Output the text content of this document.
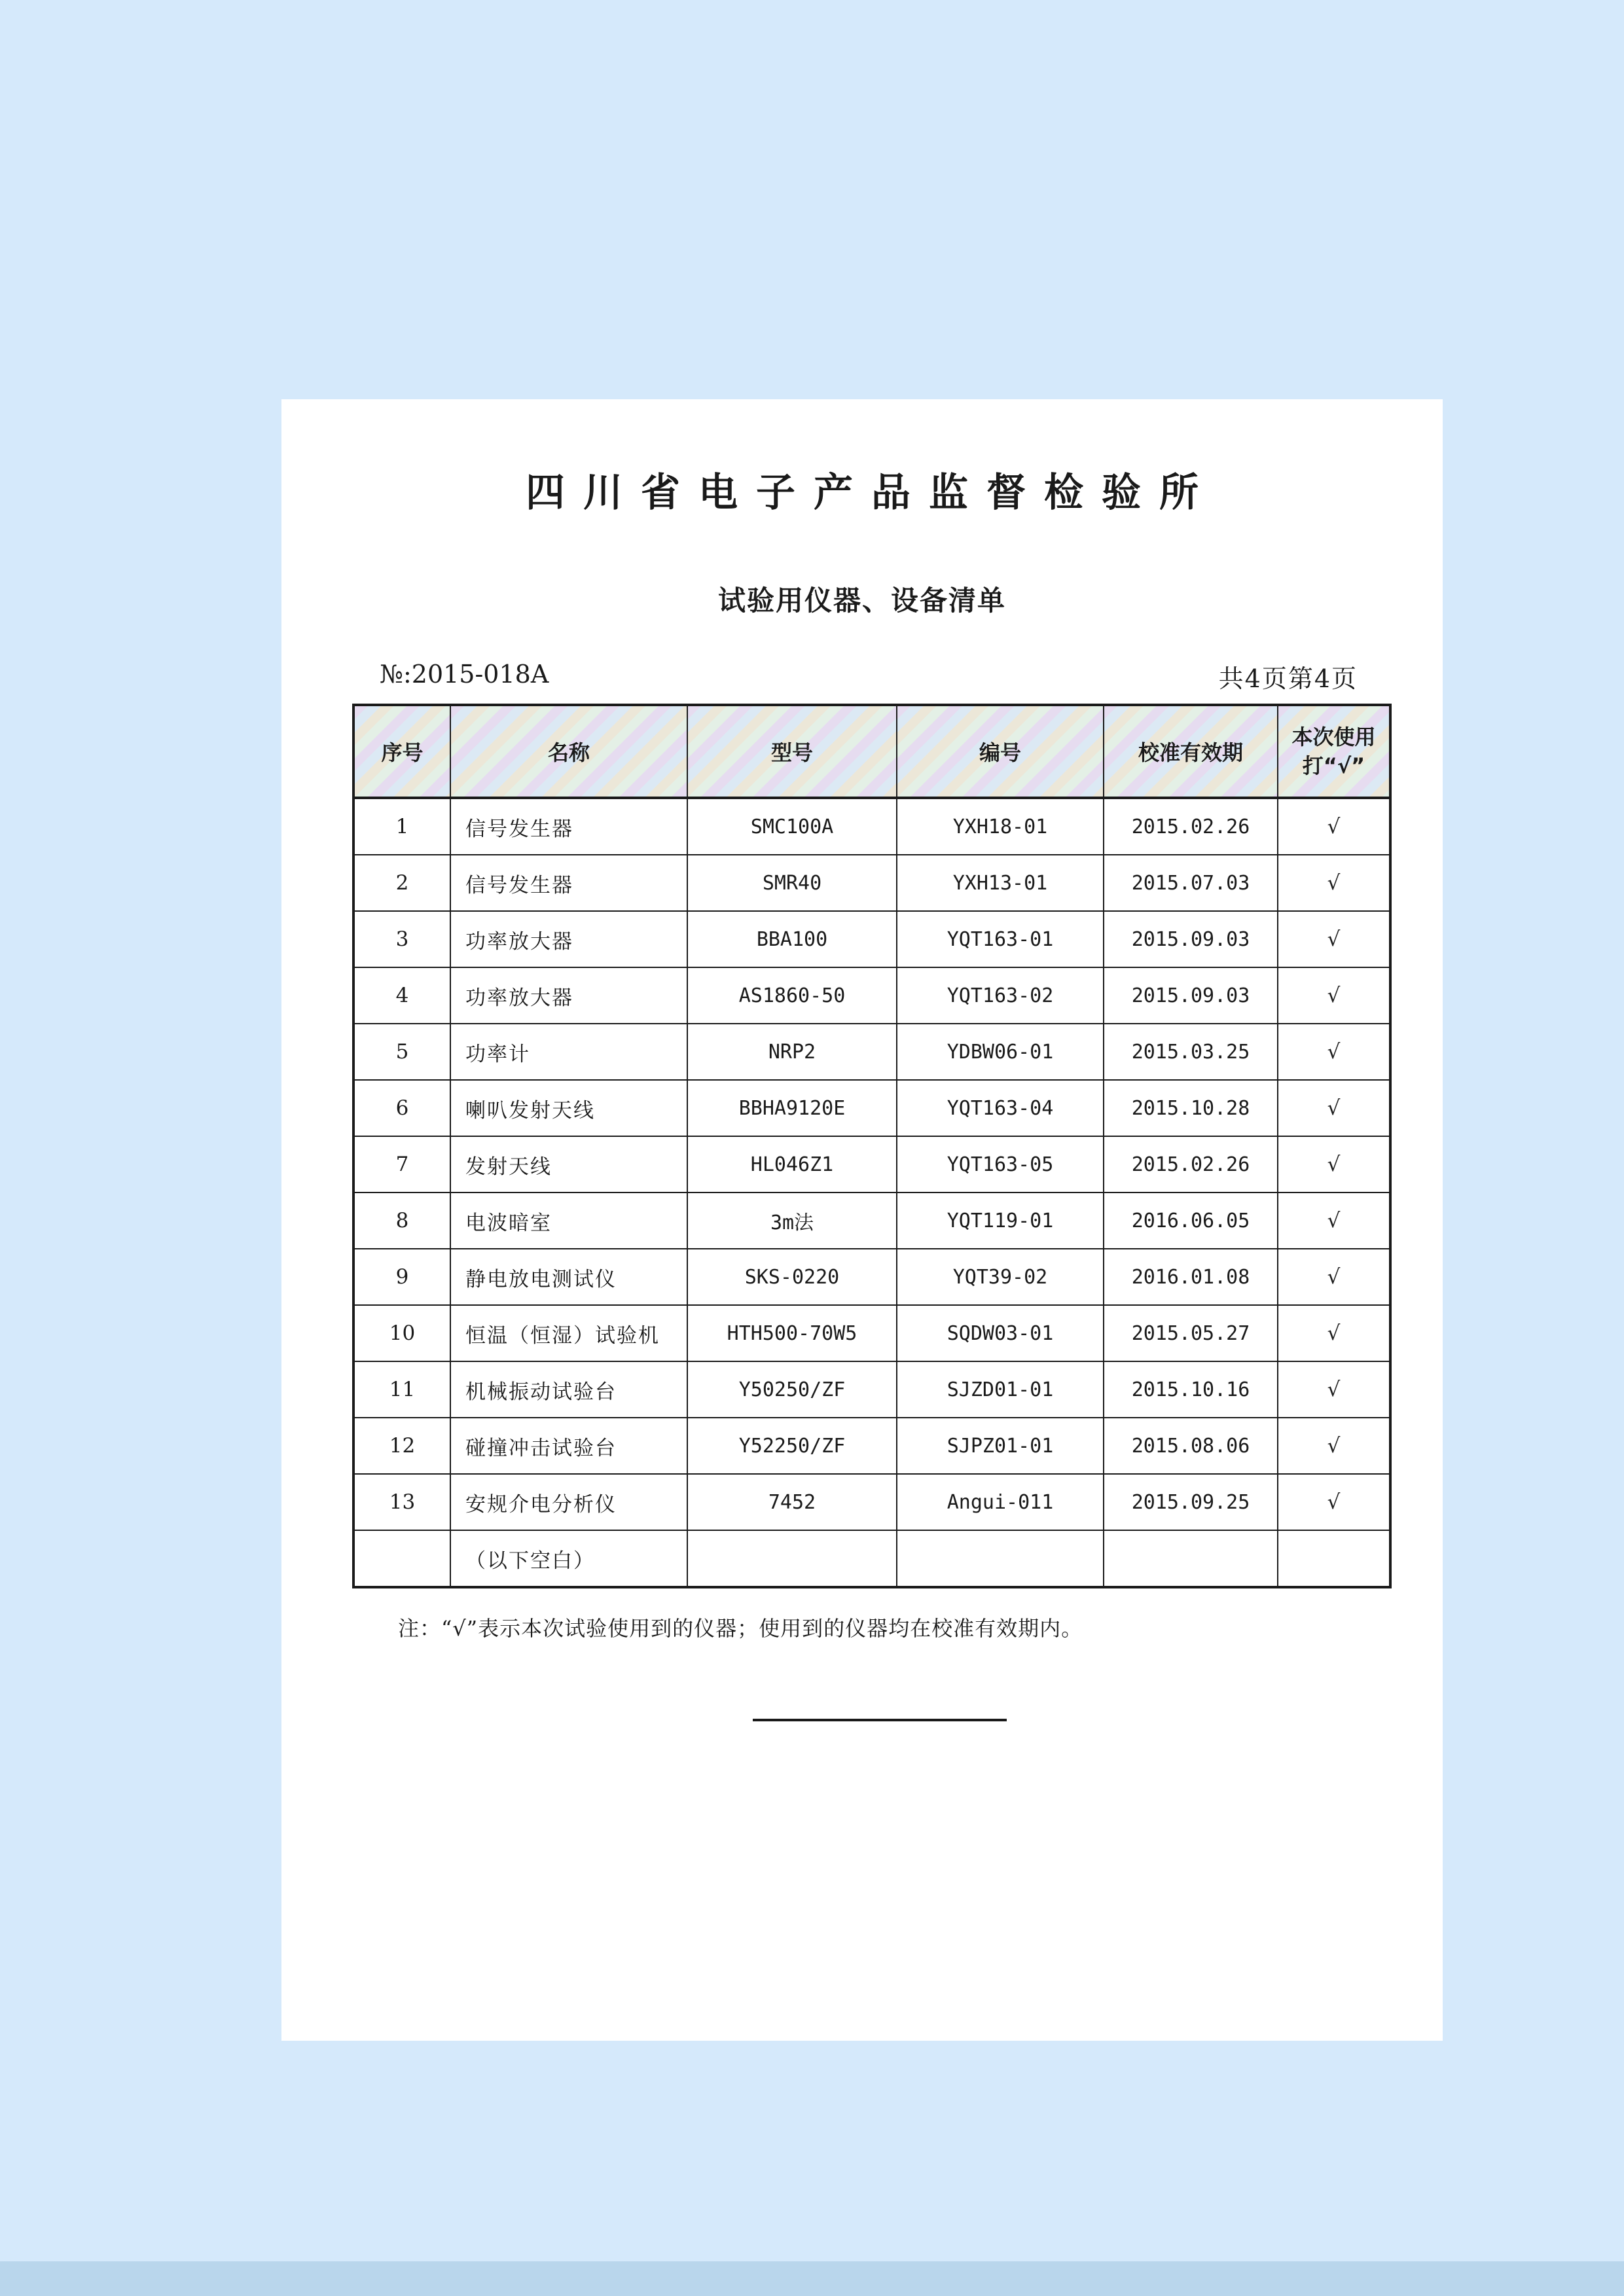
四川省电子产品监督检验所
试验用仪器、设备清单
№:2015-018A	共4页第4页
序号	名称	型号	编号	校准有效期	本次使用打“√”
1	信号发生器	SMC100A	YXH18-01	2015.02.26	√
2	信号发生器	SMR40	YXH13-01	2015.07.03	√
3	功率放大器	BBA100	YQT163-01	2015.09.03	√
4	功率放大器	AS1860-50	YQT163-02	2015.09.03	√
5	功率计	NRP2	YDBW06-01	2015.03.25	√
6	喇叭发射天线	BBHA9120E	YQT163-04	2015.10.28	√
7	发射天线	HL046Z1	YQT163-05	2015.02.26	√
8	电波暗室	3m法	YQT119-01	2016.06.05	√
9	静电放电测试仪	SKS-0220	YQT39-02	2016.01.08	√
10	恒温（恒湿）试验机	HTH500-70W5	SQDW03-01	2015.05.27	√
11	机械振动试验台	Y50250/ZF	SJZD01-01	2015.10.16	√
12	碰撞冲击试验台	Y52250/ZF	SJPZ01-01	2015.08.06	√
13	安规介电分析仪	7452	Angui-011	2015.09.25	√
	（以下空白）				
注：“√”表示本次试验使用到的仪器；使用到的仪器均在校准有效期内。
